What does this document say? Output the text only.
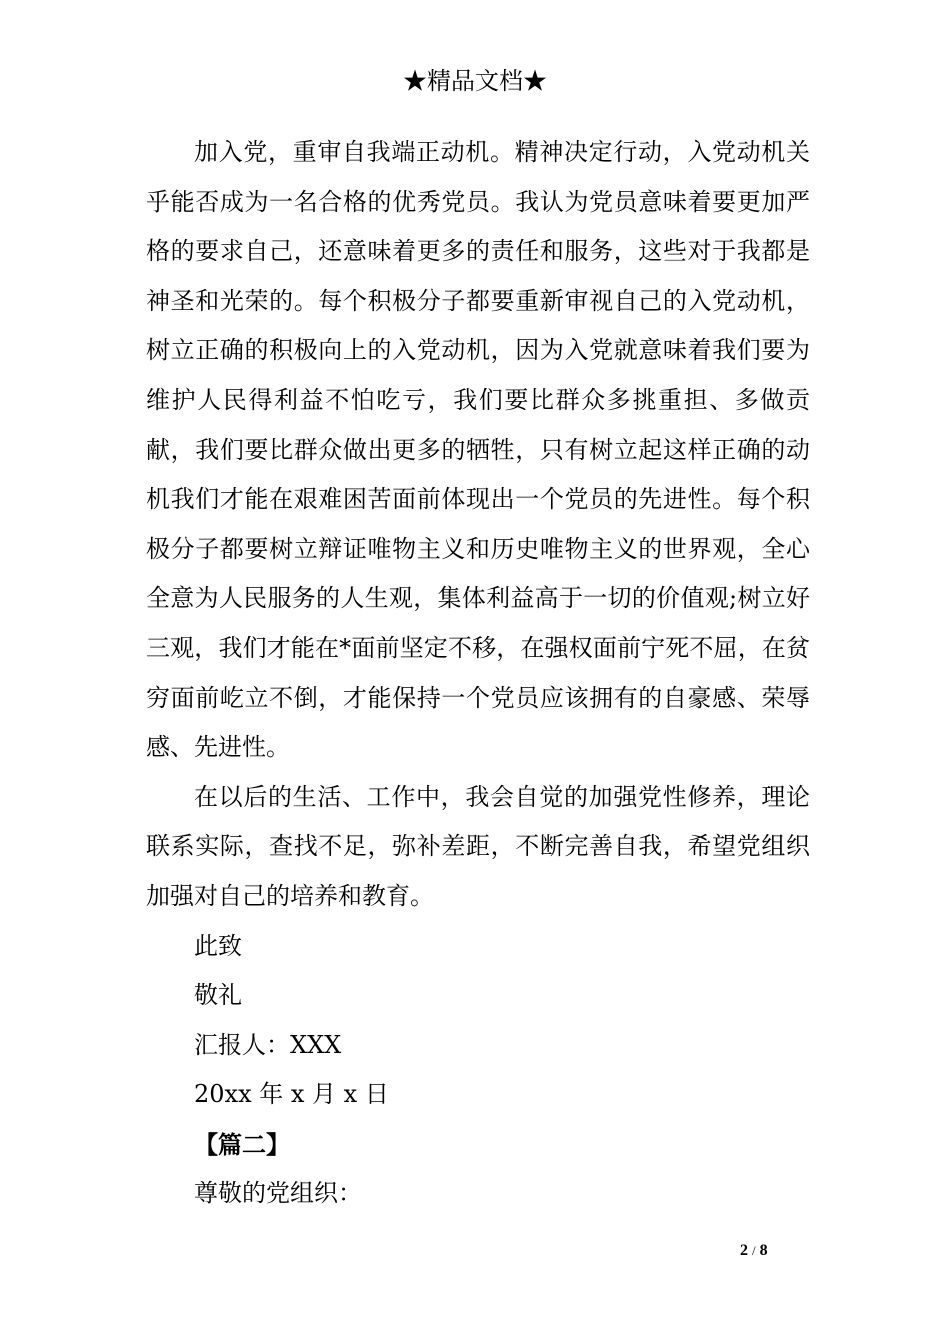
★精品文档★

加入党，重审自我端正动机。精神决定行动，入党动机关乎能否成为一名合格的优秀党员。我认为党员意味着要更加严格的要求自己，还意味着更多的责任和服务，这些对于我都是神圣和光荣的。每个积极分子都要重新审视自己的入党动机，树立正确的积极向上的入党动机，因为入党就意味着我们要为维护人民得利益不怕吃亏，我们要比群众多挑重担、多做贡献，我们要比群众做出更多的牺牲，只有树立起这样正确的动机我们才能在艰难困苦面前体现出一个党员的先进性。每个积极分子都要树立辩证唯物主义和历史唯物主义的世界观，全心全意为人民服务的人生观，集体利益高于一切的价值观;树立好三观，我们才能在*面前坚定不移，在强权面前宁死不屈，在贫穷面前屹立不倒，才能保持一个党员应该拥有的自豪感、荣辱感、先进性。

在以后的生活、工作中，我会自觉的加强党性修养，理论联系实际，查找不足，弥补差距，不断完善自我，希望党组织加强对自己的培养和教育。

此致
敬礼
汇报人：XXX
20xx 年 x 月 x 日
【篇二】
尊敬的党组织：
2 / 8
